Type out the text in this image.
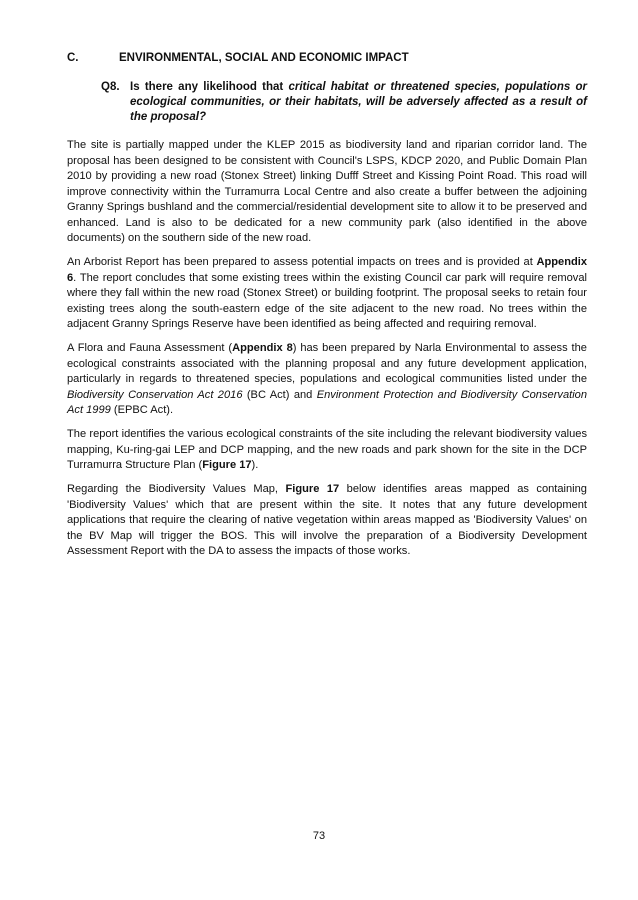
C.	ENVIRONMENTAL, SOCIAL AND ECONOMIC IMPACT
Q8. Is there any likelihood that critical habitat or threatened species, populations or ecological communities, or their habitats, will be adversely affected as a result of the proposal?

The site is partially mapped under the KLEP 2015 as biodiversity land and riparian corridor land. The proposal has been designed to be consistent with Council's LSPS, KDCP 2020, and Public Domain Plan 2010 by providing a new road (Stonex Street) linking Dufff Street and Kissing Point Road. This road will improve connectivity within the Turramurra Local Centre and also create a buffer between the adjoining Granny Springs bushland and the commercial/residential development site to allow it to be preserved and enhanced. Land is also to be dedicated for a new community park (also identified in the above documents) on the southern side of the new road.

An Arborist Report has been prepared to assess potential impacts on trees and is provided at Appendix 6. The report concludes that some existing trees within the existing Council car park will require removal where they fall within the new road (Stonex Street) or building footprint. The proposal seeks to retain four existing trees along the south-eastern edge of the site adjacent to the new road. No trees within the adjacent Granny Springs Reserve have been identified as being affected and requiring removal.

A Flora and Fauna Assessment (Appendix 8) has been prepared by Narla Environmental to assess the ecological constraints associated with the planning proposal and any future development application, particularly in regards to threatened species, populations and ecological communities listed under the Biodiversity Conservation Act 2016 (BC Act) and Environment Protection and Biodiversity Conservation Act 1999 (EPBC Act).

The report identifies the various ecological constraints of the site including the relevant biodiversity values mapping, Ku-ring-gai LEP and DCP mapping, and the new roads and park shown for the site in the DCP Turramurra Structure Plan (Figure 17).

Regarding the Biodiversity Values Map, Figure 17 below identifies areas mapped as containing 'Biodiversity Values' which that are present within the site. It notes that any future development applications that require the clearing of native vegetation within areas mapped as 'Biodiversity Values' on the BV Map will trigger the BOS. This will involve the preparation of a Biodiversity Development Assessment Report with the DA to assess the impacts of those works.

73
